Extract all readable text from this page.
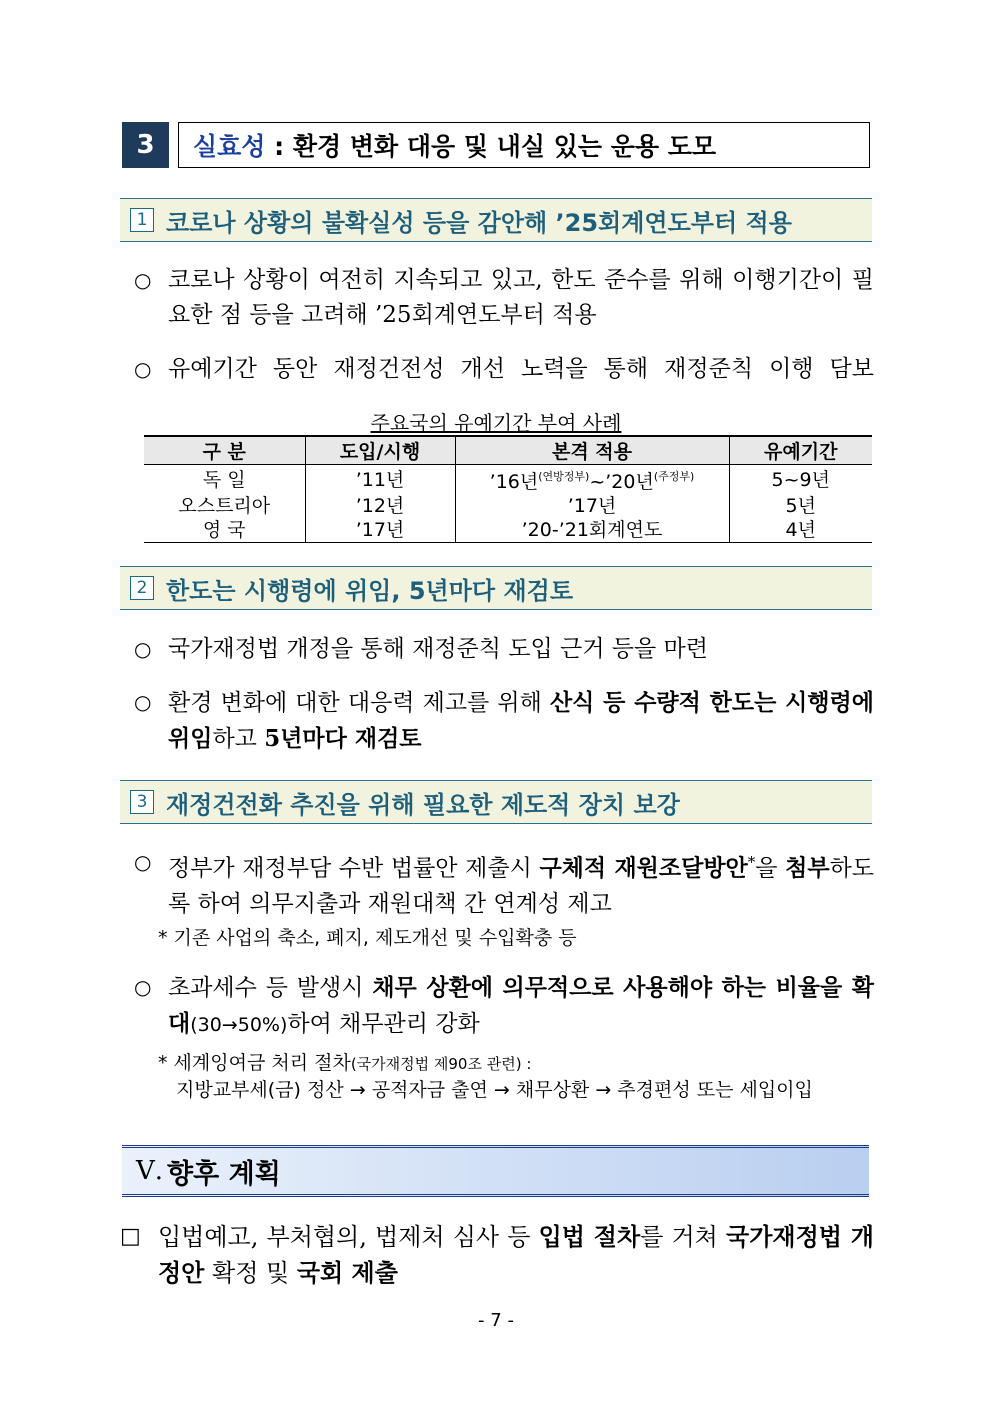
3	실효성 : 환경 변화 대응 및 내실 있는 운용 도모
1 코로나 상황의 불확실성 등을 감안해 ’25회계연도부터 적용
○ 코로나 상황이 여전히 지속되고 있고, 한도 준수를 위해 이행기간이 필요한 점 등을 고려해 ’25회계연도부터 적용
○ 유예기간 동안 재정건전성 개선 노력을 통해 재정준칙 이행 담보
주요국의 유예기간 부여 사례
구 분	도입/시행	본격 적용	유예기간
독 일	’11년	’16년$^{(연방정부)}$~’20년$^{(주정부)}$	5~9년
오스트리아	’12년	’17년	5년
영 국	’17년	’20-’21회계연도	4년
2 한도는 시행령에 위임, 5년마다 재검토
○ 국가재정법 개정을 통해 재정준칙 도입 근거 등을 마련
○ 환경 변화에 대한 대응력 제고를 위해 산식 등 수량적 한도는 시행령에 위임하고 5년마다 재검토
3 재정건전화 추진을 위해 필요한 제도적 장치 보강
○ 정부가 재정부담 수반 법률안 제출시 구체적 재원조달방안*을 첨부하도록 하여 의무지출과 재원대책 간 연계성 제고
* 기존 사업의 축소, 폐지, 제도개선 및 수입확충 등
○ 초과세수 등 발생시 채무 상환에 의무적으로 사용해야 하는 비율을 확대(30→50%)하여 채무관리 강화
* 세계잉여금 처리 절차(국가재정법 제90조 관련) :
지방교부세(금) 정산 → 공적자금 출연 → 채무상환 → 추경편성 또는 세입이입
Ⅴ. 향후 계획
□ 입법예고, 부처협의, 법제처 심사 등 입법 절차를 거쳐 국가재정법 개정안 확정 및 국회 제출
- 7 -
